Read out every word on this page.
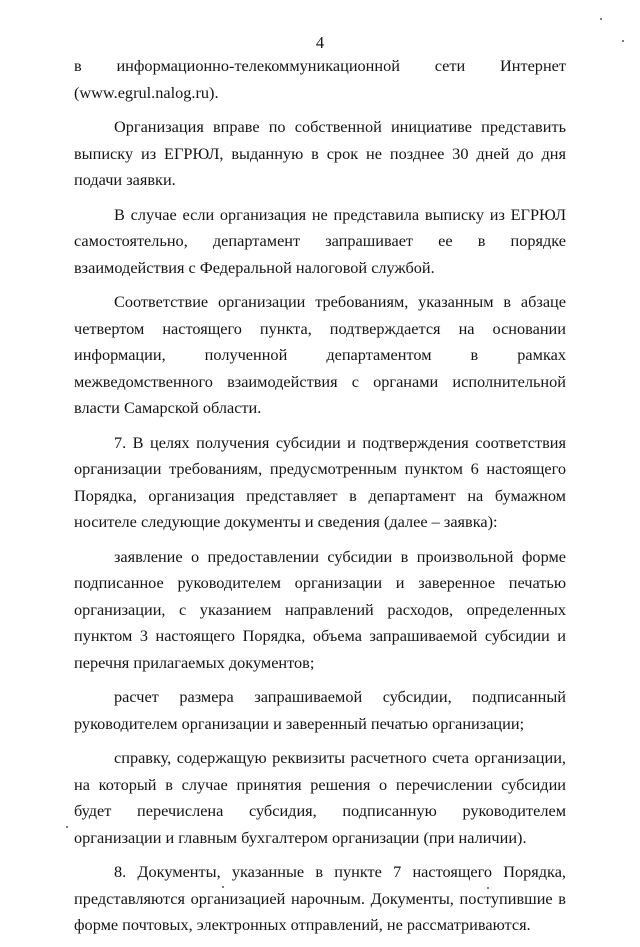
4

в информационно-телекоммуникационной сети Интернет (www.egrul.nalog.ru).

Организация вправе по собственной инициативе представить выписку из ЕГРЮЛ, выданную в срок не позднее 30 дней до дня подачи заявки.

В случае если организация не представила выписку из ЕГРЮЛ самостоятельно, департамент запрашивает ее в порядке взаимодействия с Федеральной налоговой службой.

Соответствие организации требованиям, указанным в абзаце четвертом настоящего пункта, подтверждается на основании информации, полученной департаментом в рамках межведомственного взаимодействия с органами исполнительной власти Самарской области.

7. В целях получения субсидии и подтверждения соответствия организации требованиям, предусмотренным пунктом 6 настоящего Порядка, организация представляет в департамент на бумажном носителе следующие документы и сведения (далее – заявка):

заявление о предоставлении субсидии в произвольной форме подписанное руководителем организации и заверенное печатью организации, с указанием направлений расходов, определенных пунктом 3 настоящего Порядка, объема запрашиваемой субсидии и перечня прилагаемых документов;

расчет размера запрашиваемой субсидии, подписанный руководителем организации и заверенный печатью организации;

справку, содержащую реквизиты расчетного счета организации, на который в случае принятия решения о перечислении субсидии будет перечислена субсидия, подписанную руководителем организации и главным бухгалтером организации (при наличии).

8. Документы, указанные в пункте 7 настоящего Порядка, представляются организацией нарочным. Документы, поступившие в форме почтовых, электронных отправлений, не рассматриваются.
